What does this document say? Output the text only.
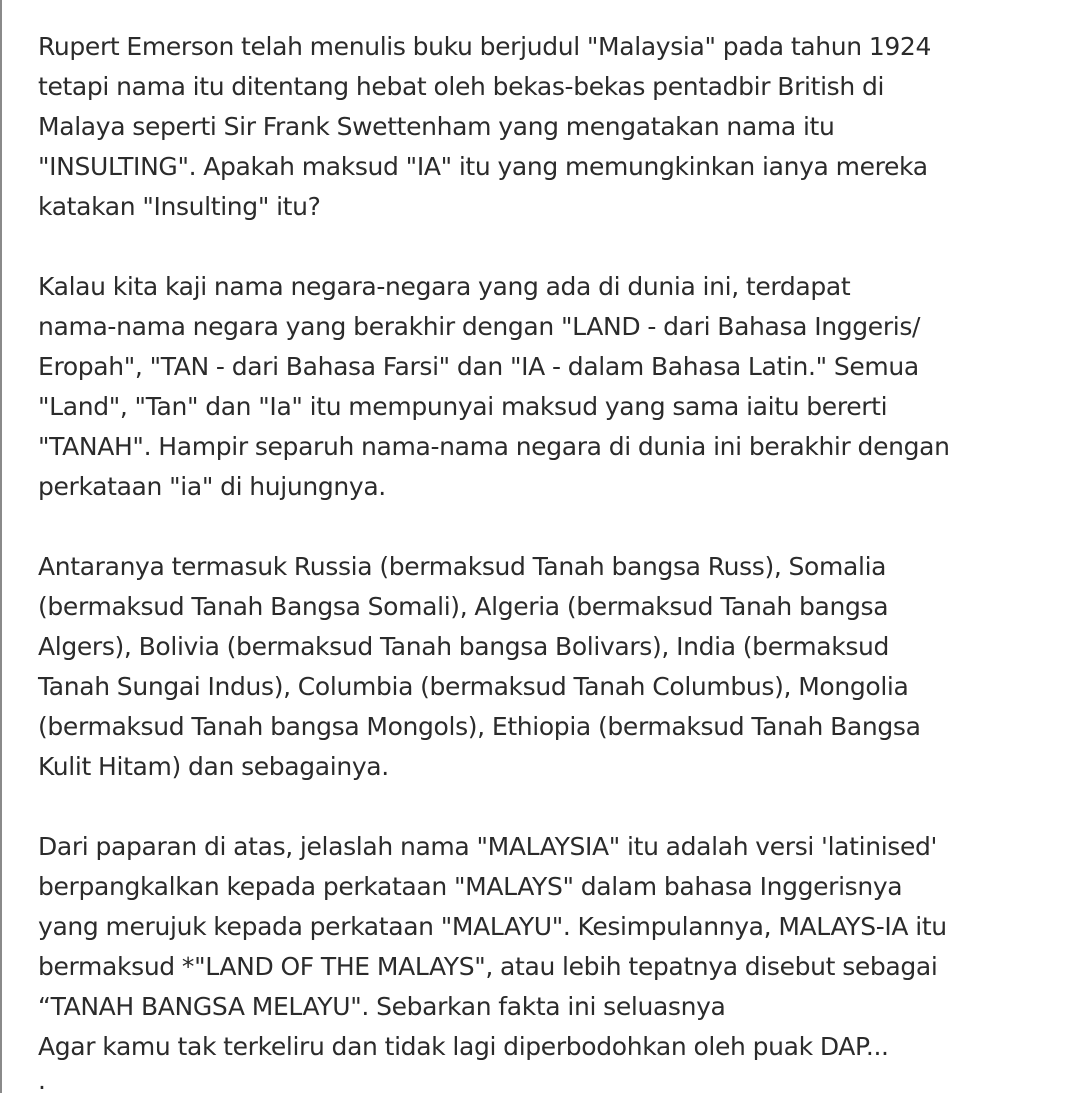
Rupert Emerson telah menulis buku berjudul "Malaysia" pada tahun 1924
tetapi nama itu ditentang hebat oleh bekas-bekas pentadbir British di
Malaya seperti Sir Frank Swettenham yang mengatakan nama itu
"INSULTING". Apakah maksud "IA" itu yang memungkinkan ianya mereka
katakan "Insulting" itu?

Kalau kita kaji nama negara-negara yang ada di dunia ini, terdapat
nama-nama negara yang berakhir dengan "LAND - dari Bahasa Inggeris/
Eropah", "TAN - dari Bahasa Farsi" dan "IA - dalam Bahasa Latin." Semua
"Land", "Tan" dan "Ia" itu mempunyai maksud yang sama iaitu bererti
"TANAH". Hampir separuh nama-nama negara di dunia ini berakhir dengan
perkataan "ia" di hujungnya.

Antaranya termasuk Russia (bermaksud Tanah bangsa Russ), Somalia
(bermaksud Tanah Bangsa Somali), Algeria (bermaksud Tanah bangsa
Algers), Bolivia (bermaksud Tanah bangsa Bolivars), India (bermaksud
Tanah Sungai Indus), Columbia (bermaksud Tanah Columbus), Mongolia
(bermaksud Tanah bangsa Mongols), Ethiopia (bermaksud Tanah Bangsa
Kulit Hitam) dan sebagainya.

Dari paparan di atas, jelaslah nama "MALAYSIA" itu adalah versi 'latinised'
berpangkalkan kepada perkataan "MALAYS" dalam bahasa Inggerisnya
yang merujuk kepada perkataan "MALAYU". Kesimpulannya, MALAYS-IA itu
bermaksud *"LAND OF THE MALAYS", atau lebih tepatnya disebut sebagai
“TANAH BANGSA MELAYU". Sebarkan fakta ini seluasnya
Agar kamu tak terkeliru dan tidak lagi diperbodohkan oleh puak DAP...

.
